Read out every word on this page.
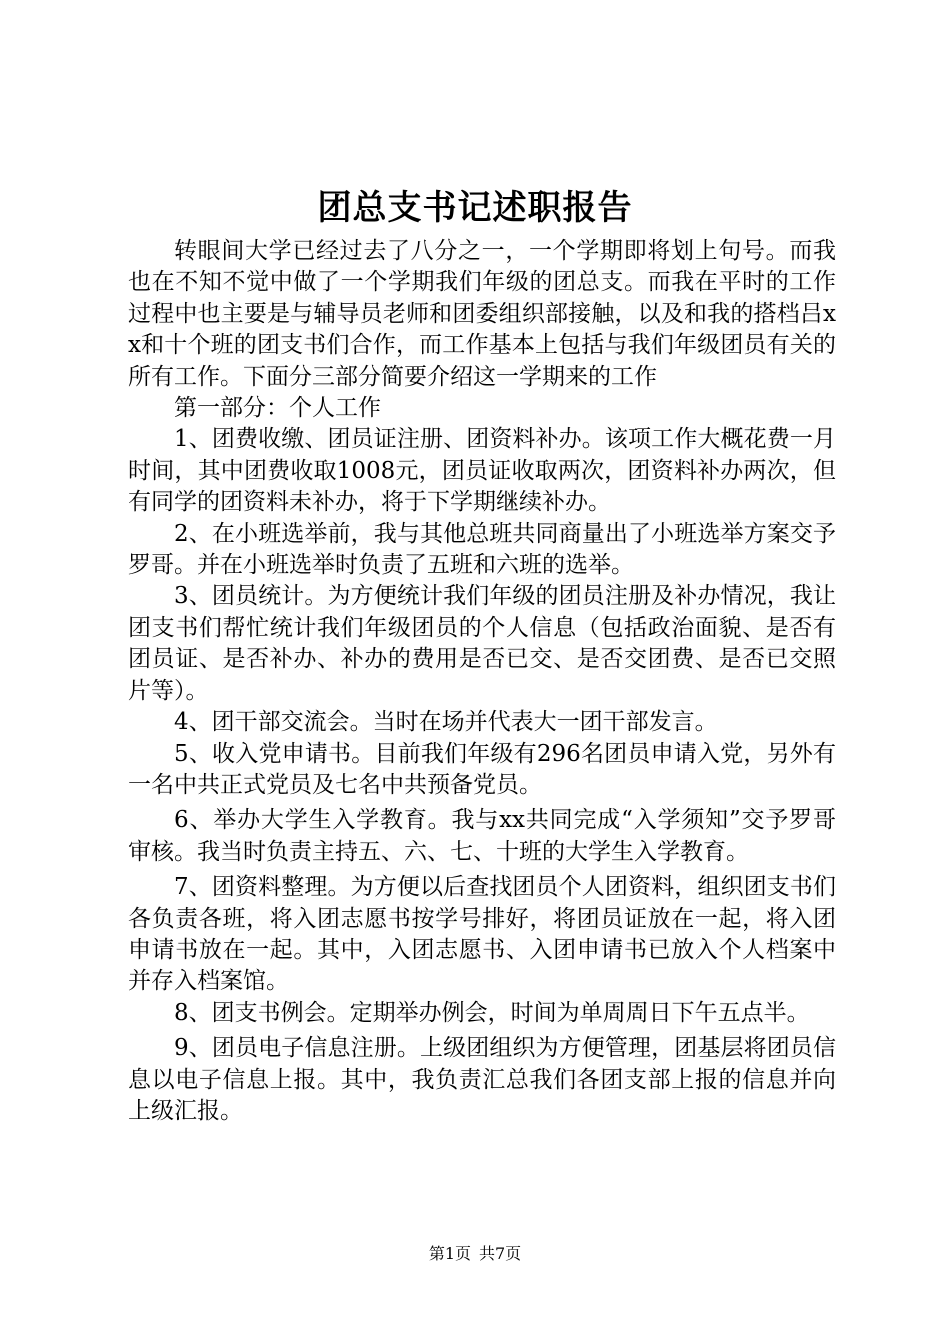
团总支书记述职报告

转眼间大学已经过去了八分之一，一个学期即将划上句号。而我也在不知不觉中做了一个学期我们年级的团总支。而我在平时的工作过程中也主要是与辅导员老师和团委组织部接触，以及和我的搭档吕xx和十个班的团支书们合作，而工作基本上包括与我们年级团员有关的所有工作。下面分三部分简要介绍这一学期来的工作

第一部分：个人工作

1、团费收缴、团员证注册、团资料补办。该项工作大概花费一月时间，其中团费收取1008元，团员证收取两次，团资料补办两次，但有同学的团资料未补办，将于下学期继续补办。

2、在小班选举前，我与其他总班共同商量出了小班选举方案交予罗哥。并在小班选举时负责了五班和六班的选举。

3、团员统计。为方便统计我们年级的团员注册及补办情况，我让团支书们帮忙统计我们年级团员的个人信息（包括政治面貌、是否有团员证、是否补办、补办的费用是否已交、是否交团费、是否已交照片等）。

4、团干部交流会。当时在场并代表大一团干部发言。

5、收入党申请书。目前我们年级有296名团员申请入党，另外有一名中共正式党员及七名中共预备党员。

6、举办大学生入学教育。我与xx共同完成“入学须知”交予罗哥审核。我当时负责主持五、六、七、十班的大学生入学教育。

7、团资料整理。为方便以后查找团员个人团资料，组织团支书们各负责各班，将入团志愿书按学号排好，将团员证放在一起，将入团申请书放在一起。其中，入团志愿书、入团申请书已放入个人档案中并存入档案馆。

8、团支书例会。定期举办例会，时间为单周周日下午五点半。

9、团员电子信息注册。上级团组织为方便管理，团基层将团员信息以电子信息上报。其中，我负责汇总我们各团支部上报的信息并向上级汇报。

第1页 共7页
